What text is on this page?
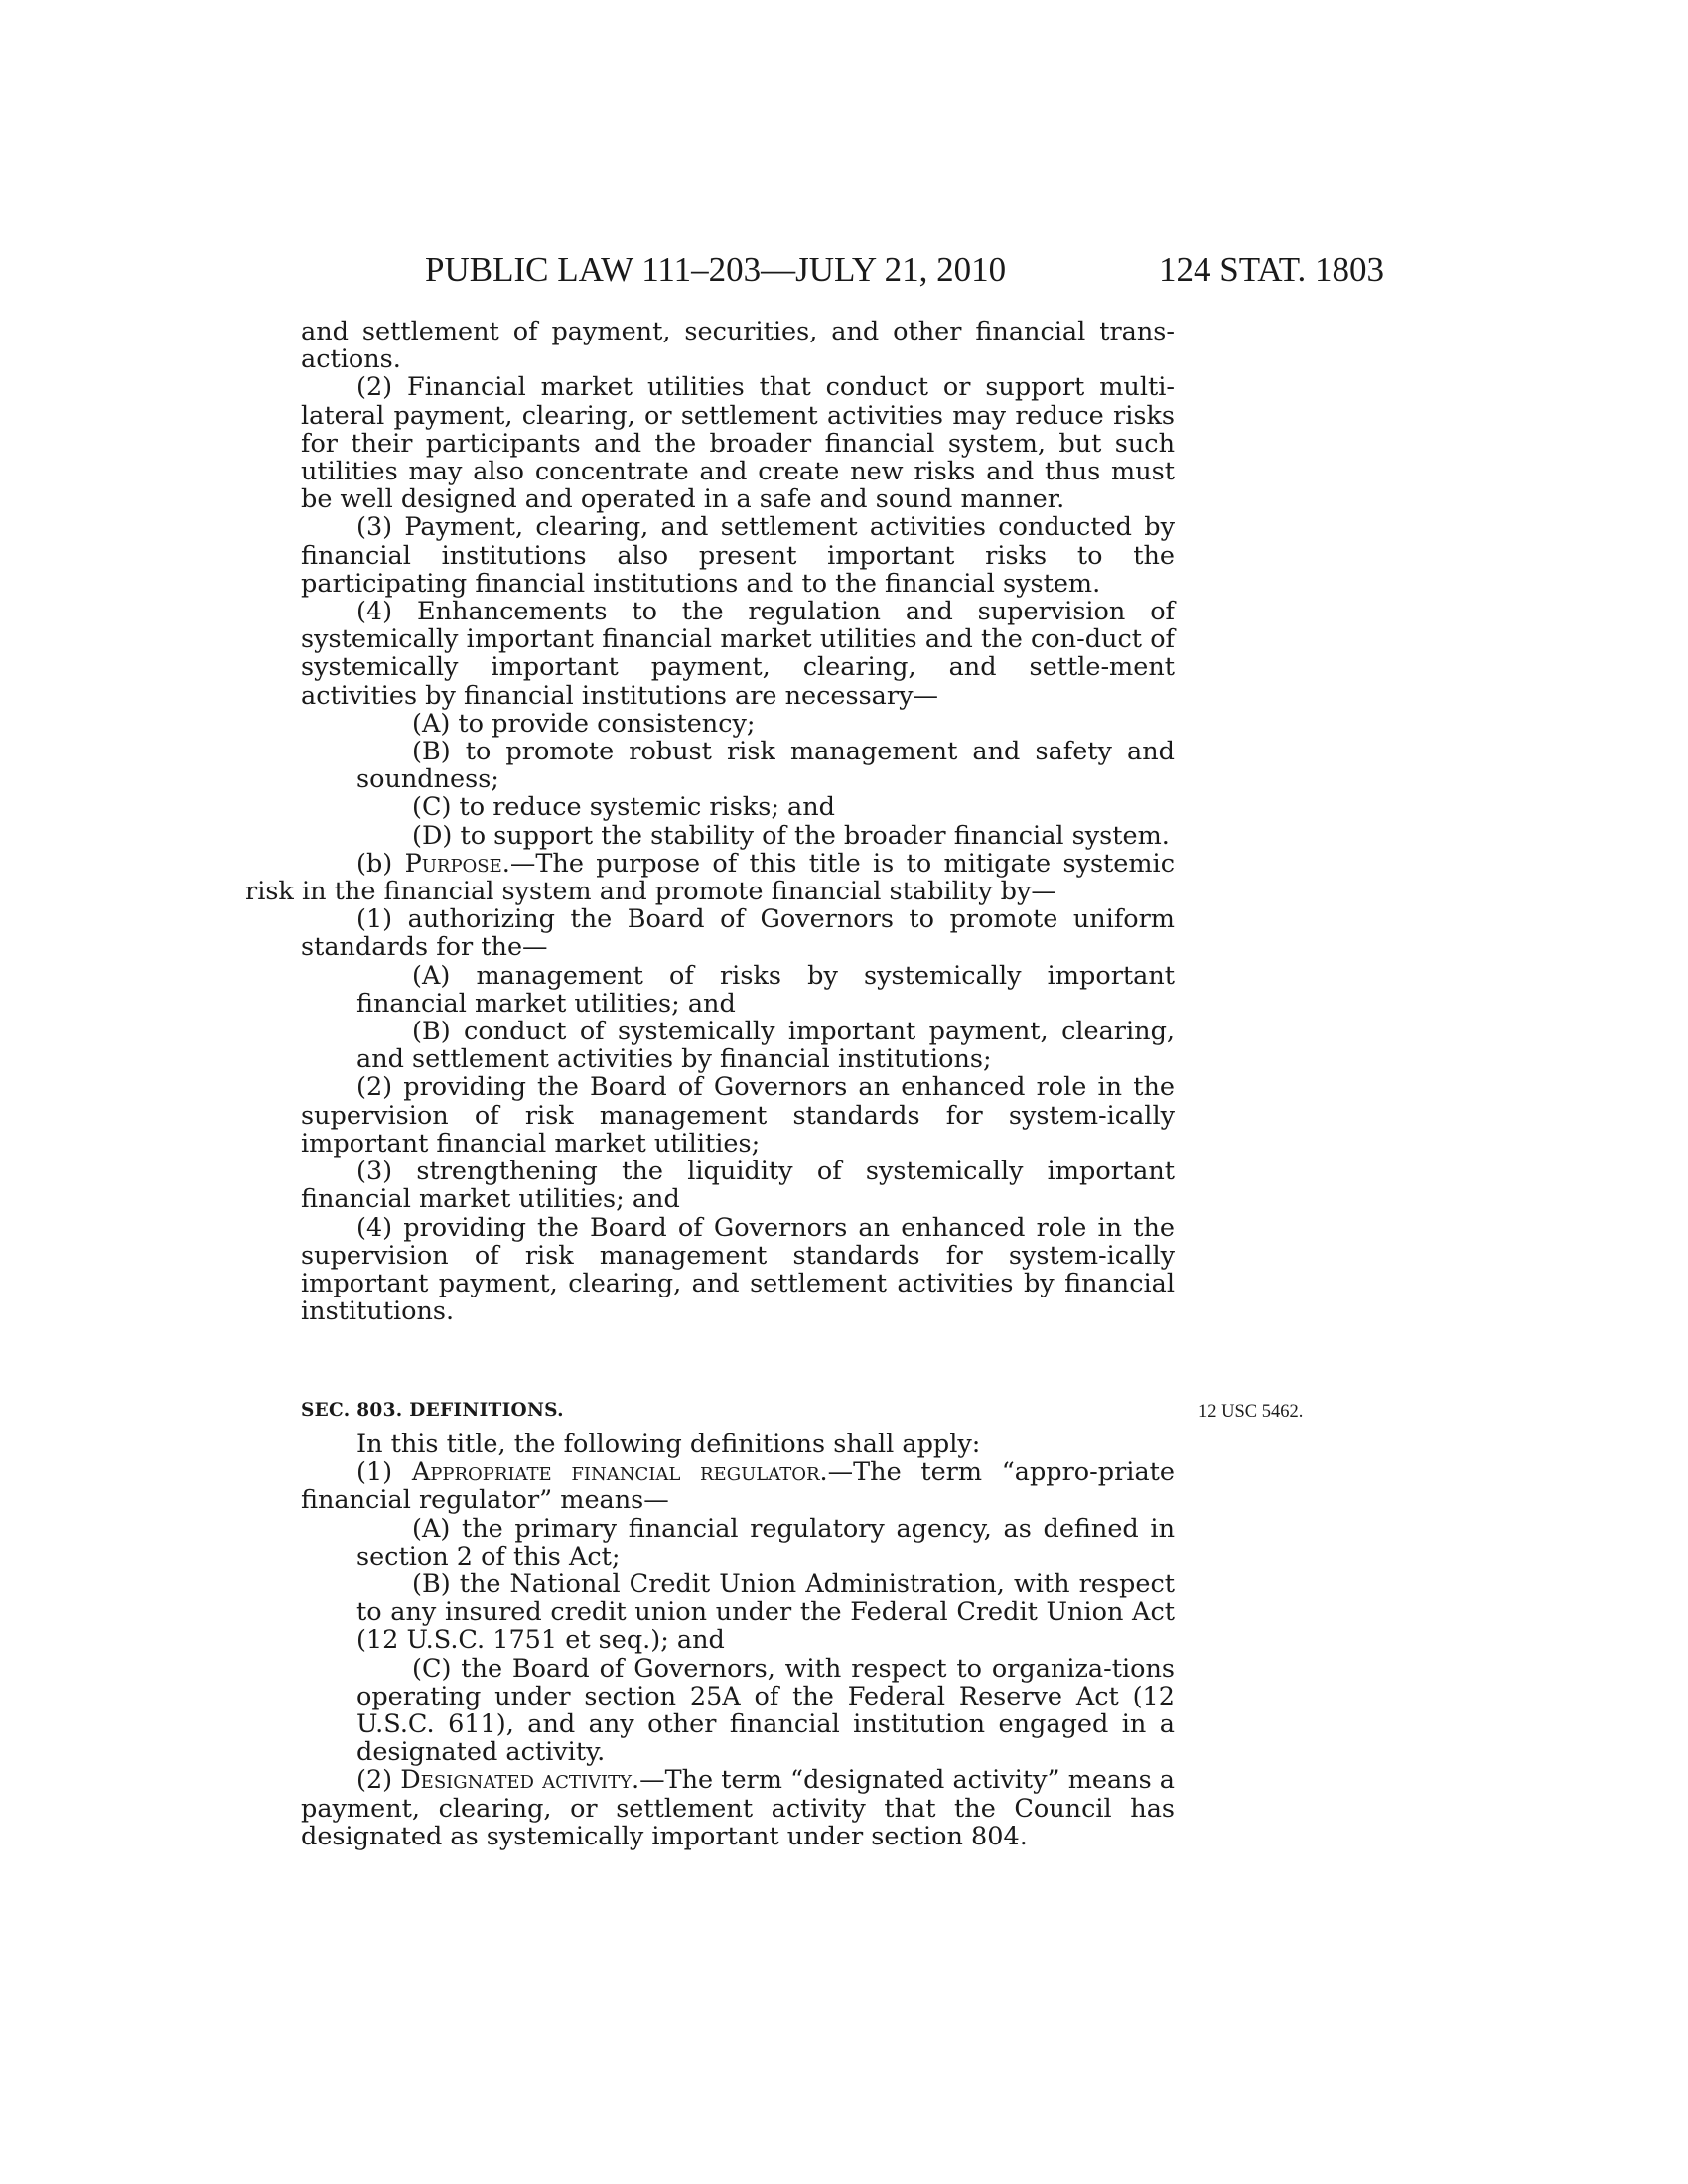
PUBLIC LAW 111–203—JULY 21, 2010	124 STAT. 1803

and settlement of payment, securities, and other financial trans-actions.

(2) Financial market utilities that conduct or support multi-lateral payment, clearing, or settlement activities may reduce risks for their participants and the broader financial system, but such utilities may also concentrate and create new risks and thus must be well designed and operated in a safe and sound manner.

(3) Payment, clearing, and settlement activities conducted by financial institutions also present important risks to the participating financial institutions and to the financial system.

(4) Enhancements to the regulation and supervision of systemically important financial market utilities and the con-duct of systemically important payment, clearing, and settle-ment activities by financial institutions are necessary—

(A) to provide consistency;

(B) to promote robust risk management and safety and soundness;

(C) to reduce systemic risks; and

(D) to support the stability of the broader financial system.

(b) Purpose.—The purpose of this title is to mitigate systemic risk in the financial system and promote financial stability by—

(1) authorizing the Board of Governors to promote uniform standards for the—

(A) management of risks by systemically important financial market utilities; and

(B) conduct of systemically important payment, clearing, and settlement activities by financial institutions;

(2) providing the Board of Governors an enhanced role in the supervision of risk management standards for system-ically important financial market utilities;

(3) strengthening the liquidity of systemically important financial market utilities; and

(4) providing the Board of Governors an enhanced role in the supervision of risk management standards for system-ically important payment, clearing, and settlement activities by financial institutions.

SEC. 803. DEFINITIONS.	12 USC 5462.

In this title, the following definitions shall apply:

(1) Appropriate financial regulator.—The term “appro-priate financial regulator” means—

(A) the primary financial regulatory agency, as defined in section 2 of this Act;

(B) the National Credit Union Administration, with respect to any insured credit union under the Federal Credit Union Act (12 U.S.C. 1751 et seq.); and

(C) the Board of Governors, with respect to organiza-tions operating under section 25A of the Federal Reserve Act (12 U.S.C. 611), and any other financial institution engaged in a designated activity.

(2) Designated activity.—The term “designated activity” means a payment, clearing, or settlement activity that the Council has designated as systemically important under section 804.
